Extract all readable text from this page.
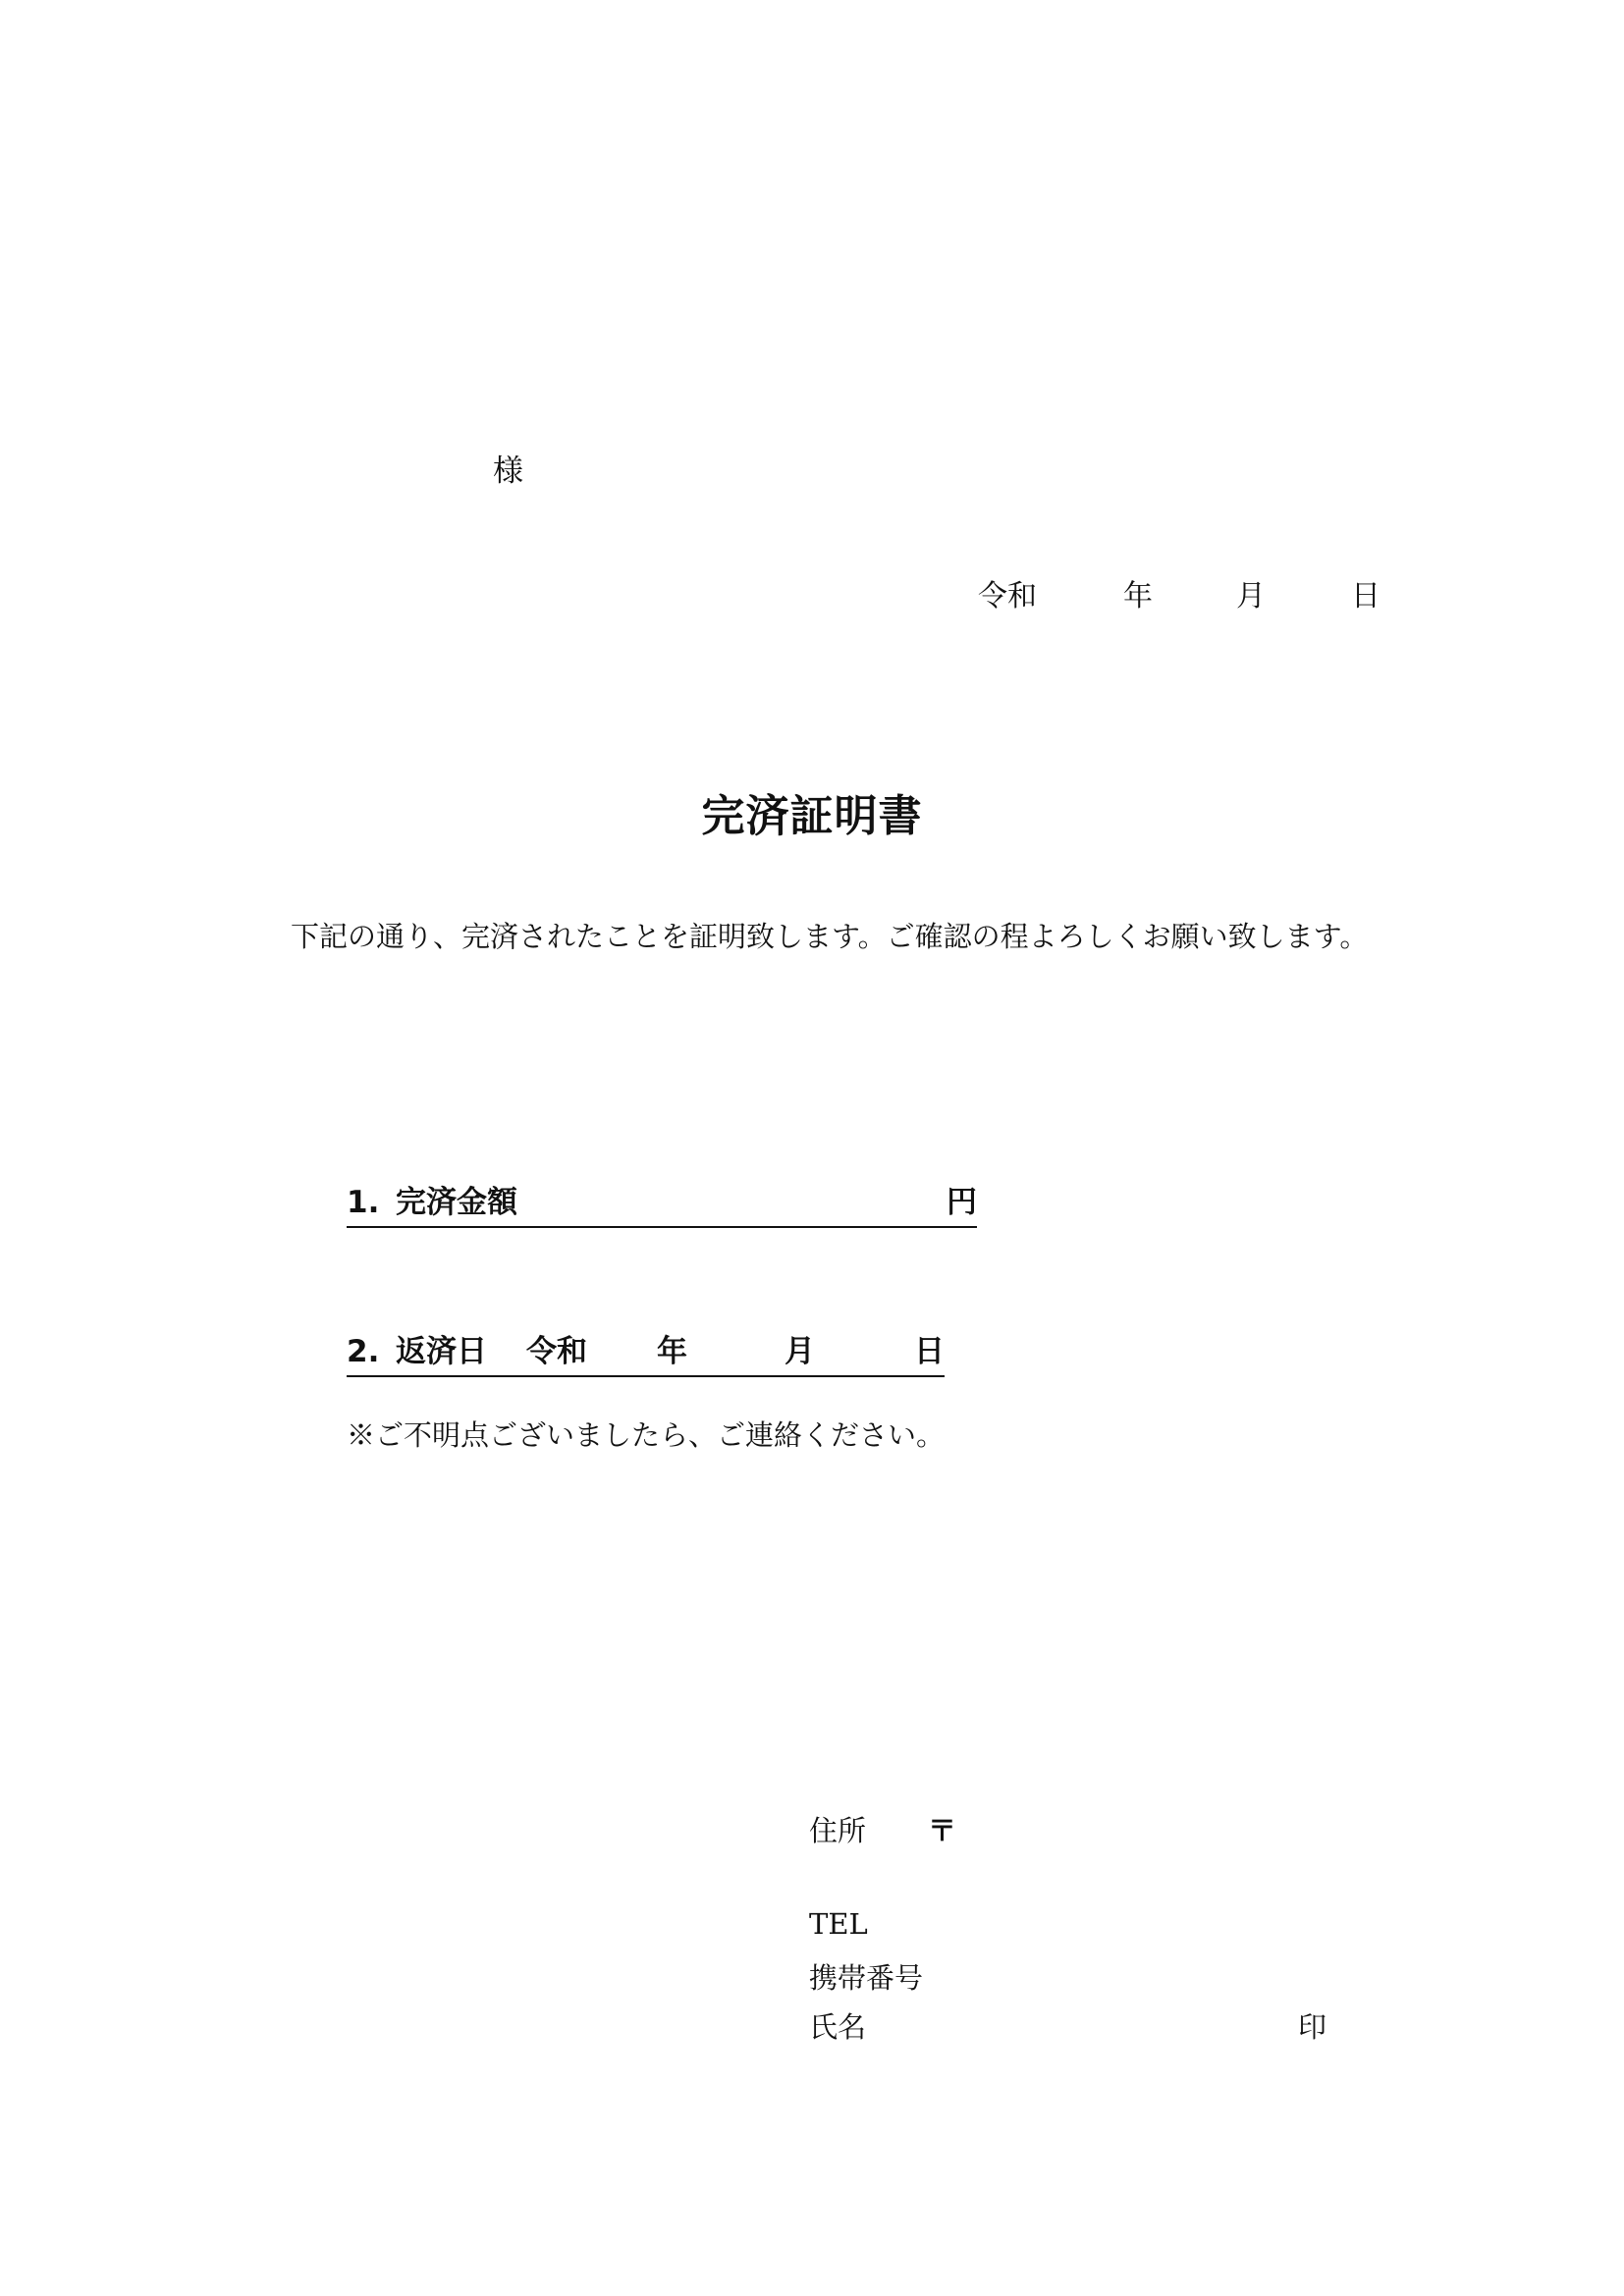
様
令和	年	月	日
完済証明書
下記の通り、完済されたことを証明致します。ご確認の程よろしくお願い致します。
1. 完済金額	円
2. 返済日 令和 年	月	日
※ご不明点ございましたら、ご連絡ください。
住所 〒
TEL
携帯番号
氏名	印
